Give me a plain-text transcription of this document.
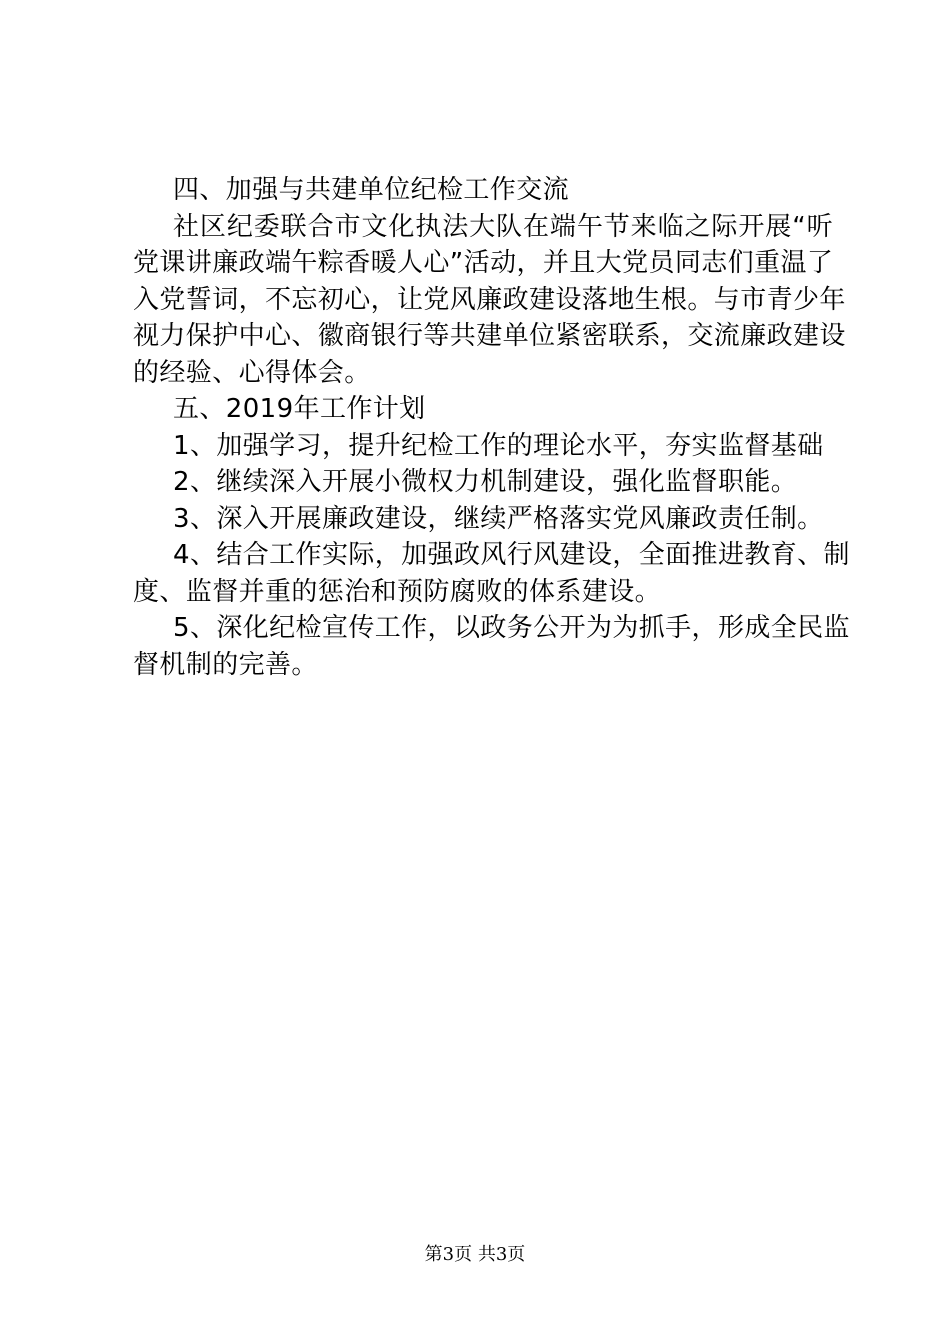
四、加强与共建单位纪检工作交流
社区纪委联合市文化执法大队在端午节来临之际开展“听
党课讲廉政端午粽香暖人心”活动，并且大党员同志们重温了
入党誓词，不忘初心，让党风廉政建设落地生根。与市青少年
视力保护中心、徽商银行等共建单位紧密联系，交流廉政建设
的经验、心得体会。
五、2019年工作计划
1、加强学习，提升纪检工作的理论水平，夯实监督基础
2、继续深入开展小微权力机制建设，强化监督职能。
3、深入开展廉政建设，继续严格落实党风廉政责任制。
4、结合工作实际，加强政风行风建设，全面推进教育、制
度、监督并重的惩治和预防腐败的体系建设。
5、深化纪检宣传工作，以政务公开为为抓手，形成全民监
督机制的完善。
第3页 共3页
